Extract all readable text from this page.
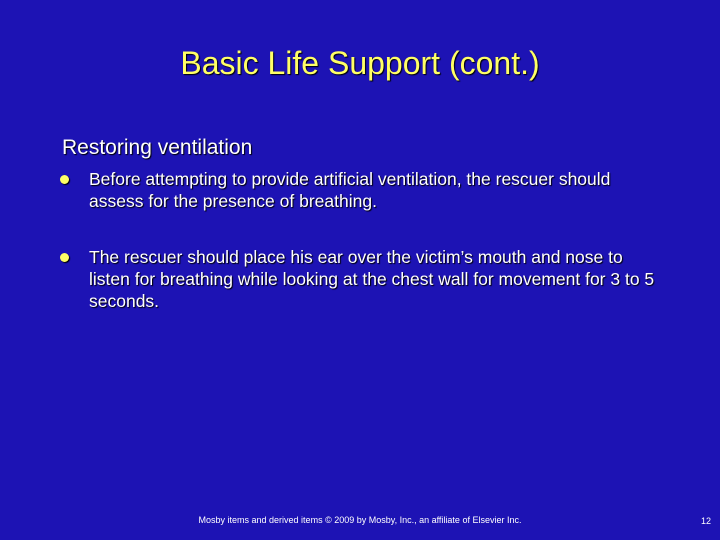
Basic Life Support (cont.)
Restoring ventilation
Before attempting to provide artificial ventilation, the rescuer should assess for the presence of breathing.
The rescuer should place his ear over the victim’s mouth and nose to listen for breathing while looking at the chest wall for movement for 3 to 5 seconds.
Mosby items and derived items © 2009 by Mosby, Inc., an affiliate of Elsevier Inc.	12
